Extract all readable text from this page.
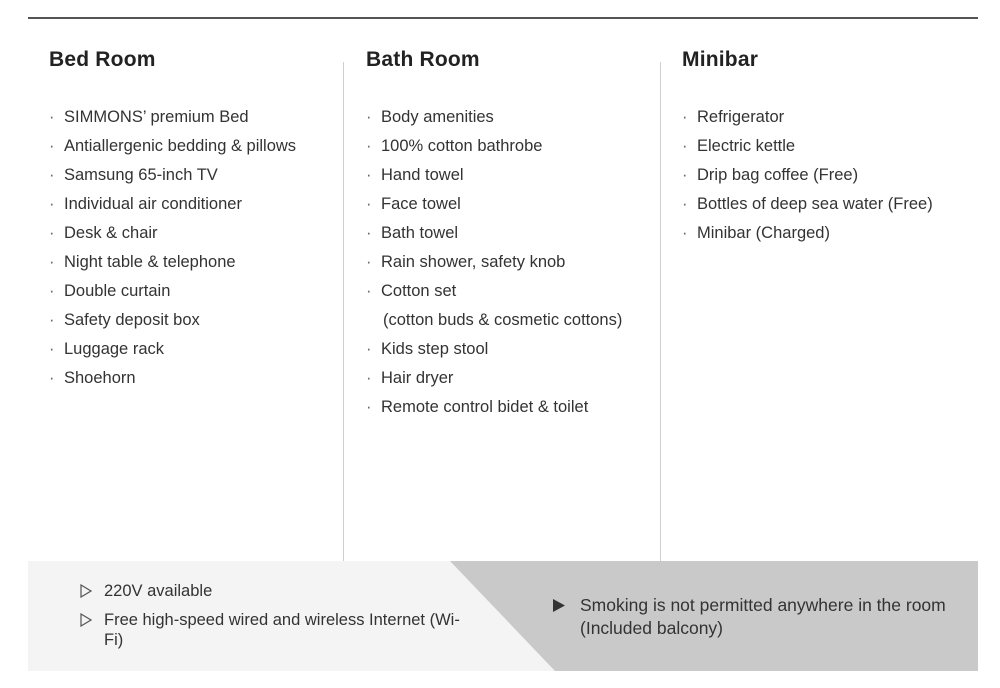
Bed Room
· SIMMONS’ premium Bed
· Antiallergenic bedding & pillows
· Samsung 65-inch TV
· Individual air conditioner
· Desk & chair
· Night table & telephone
· Double curtain
· Safety deposit box
· Luggage rack
· Shoehorn
Bath Room
· Body amenities
· 100% cotton bathrobe
· Hand towel
· Face towel
· Bath towel
· Rain shower, safety knob
· Cotton set
(cotton buds & cosmetic cottons)
· Kids step stool
· Hair dryer
· Remote control bidet & toilet
Minibar
· Refrigerator
· Electric kettle
· Drip bag coffee (Free)
· Bottles of deep sea water (Free)
· Minibar (Charged)
220V available
Free high-speed wired and wireless Internet (Wi-Fi)
Smoking is not permitted anywhere in the room (Included balcony)
